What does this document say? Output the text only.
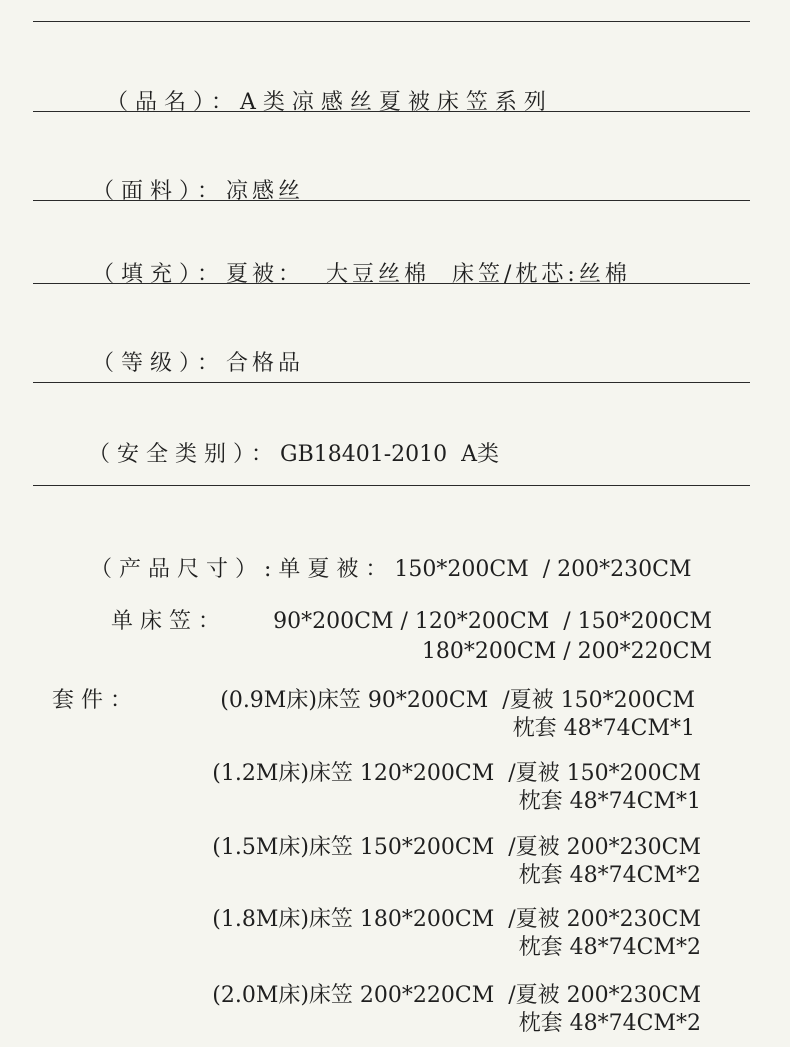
（品名）：A类凉感丝夏被床笠系列

（面料）：凉感丝

（填充）：夏被：  大豆丝棉  床笠/枕芯:丝棉

（等级）：合格品

（安全类别）：GB18401-2010  A类

（产品尺寸）:单夏被：150*200CM  / 200*230CM

单床笠： 90*200CM / 120*200CM  / 150*200CM
180*200CM / 200*220CM
套件：	(0.9M床)床笠 90*200CM  /夏被 150*200CM
枕套 48*74CM*1
(1.2M床)床笠 120*200CM  /夏被 150*200CM
枕套 48*74CM*1
(1.5M床)床笠 150*200CM  /夏被 200*230CM
枕套 48*74CM*2
(1.8M床)床笠 180*200CM  /夏被 200*230CM
枕套 48*74CM*2
(2.0M床)床笠 200*220CM  /夏被 200*230CM
枕套 48*74CM*2
